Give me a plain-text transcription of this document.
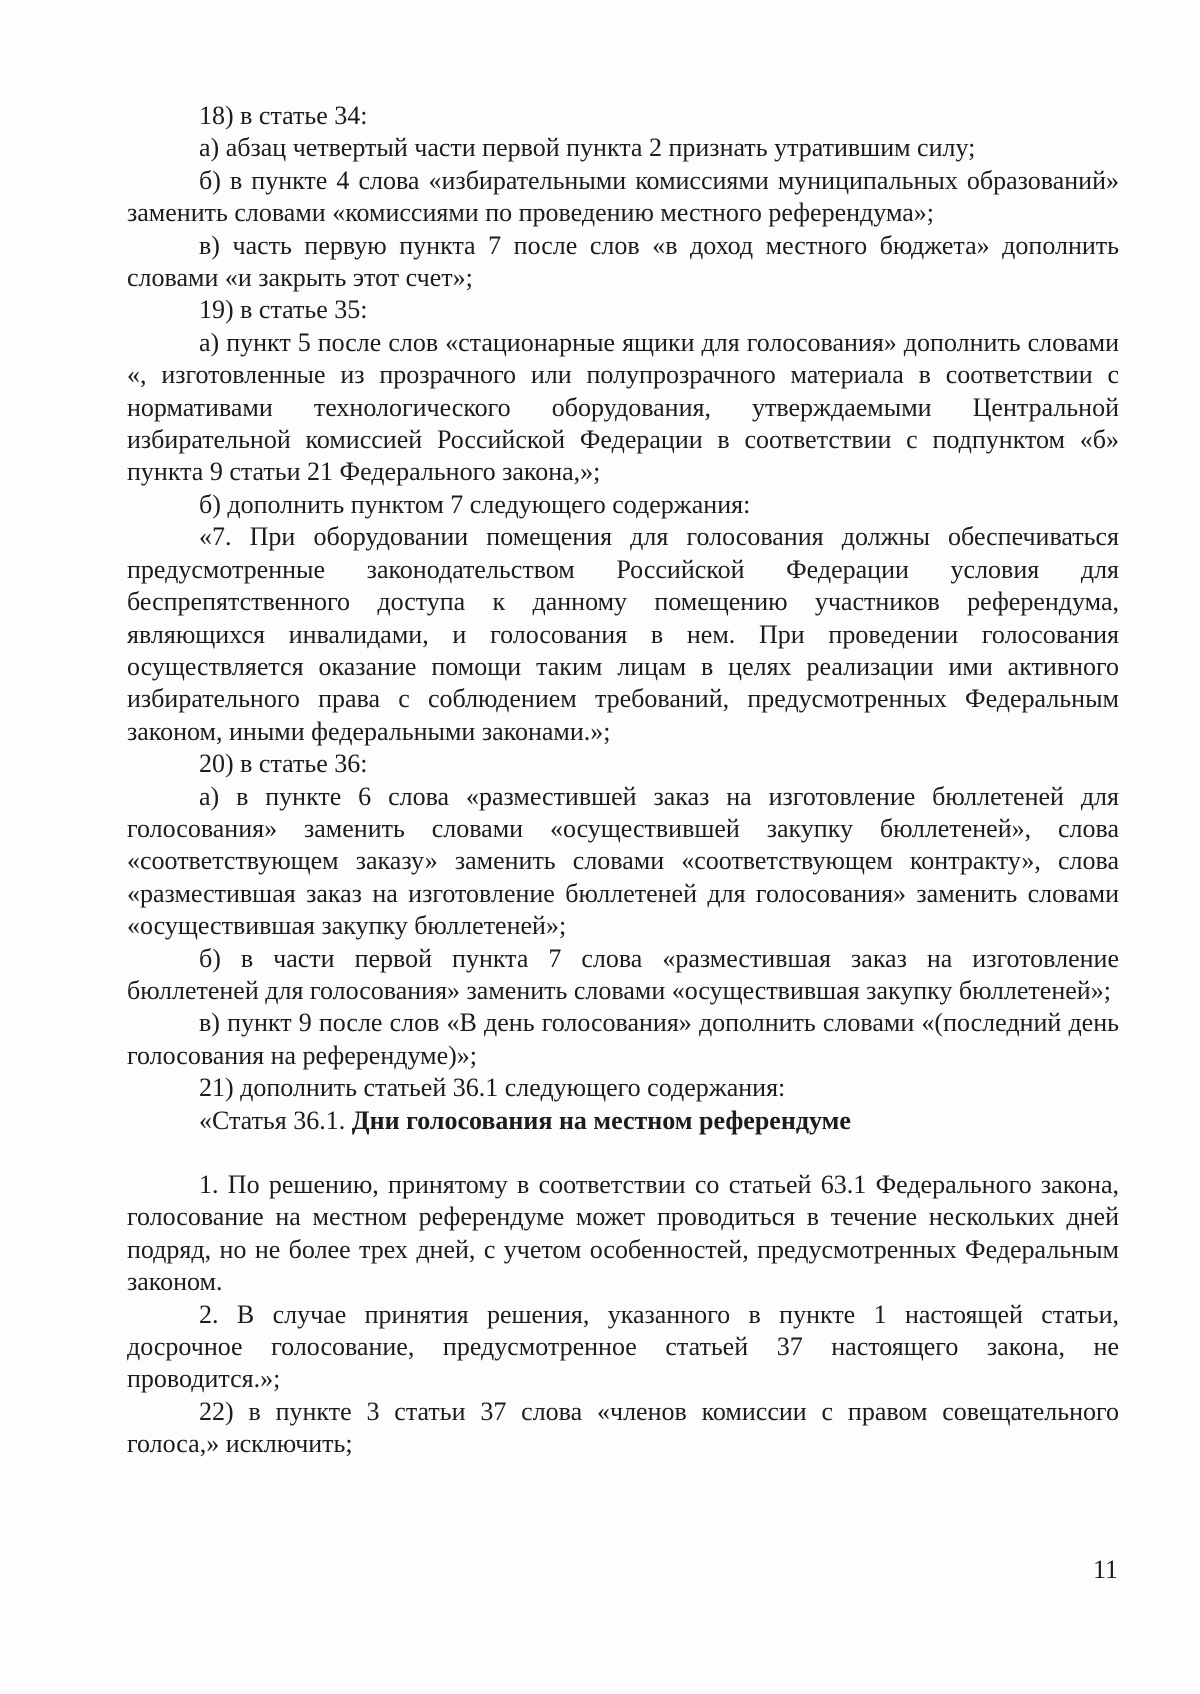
18) в статье 34:

а) абзац четвертый части первой пункта 2 признать утратившим силу;

б) в пункте 4 слова «избирательными комиссиями муниципальных образований» заменить словами «комиссиями по проведению местного референдума»;

в) часть первую пункта 7 после слов «в доход местного бюджета» дополнить словами «и закрыть этот счет»;

19) в статье 35:

а) пункт 5 после слов «стационарные ящики для голосования» дополнить словами «, изготовленные из прозрачного или полупрозрачного материала в соответствии с нормативами технологического оборудования, утверждаемыми Центральной избирательной комиссией Российской Федерации в соответствии с подпунктом «б» пункта 9 статьи 21 Федерального закона,»;

б) дополнить пунктом 7 следующего содержания:

«7. При оборудовании помещения для голосования должны обеспечиваться предусмотренные законодательством Российской Федерации условия для беспрепятственного доступа к данному помещению участников референдума, являющихся инвалидами, и голосования в нем. При проведении голосования осуществляется оказание помощи таким лицам в целях реализации ими активного избирательного права с соблюдением требований, предусмотренных Федеральным законом, иными федеральными законами.»;

20) в статье 36:

а) в пункте 6 слова «разместившей заказ на изготовление бюллетеней для голосования» заменить словами «осуществившей закупку бюллетеней», слова «соответствующем заказу» заменить словами «соответствующем контракту», слова «разместившая заказ на изготовление бюллетеней для голосования» заменить словами «осуществившая закупку бюллетеней»;

б) в части первой пункта 7 слова «разместившая заказ на изготовление бюллетеней для голосования» заменить словами «осуществившая закупку бюллетеней»;

в) пункт 9 после слов «В день голосования» дополнить словами «(последний день голосования на референдуме)»;

21) дополнить статьей 36.1 следующего содержания:

«Статья 36.1. Дни голосования на местном референдуме

1. По решению, принятому в соответствии со статьей 63.1 Федерального закона, голосование на местном референдуме может проводиться в течение нескольких дней подряд, но не более трех дней, с учетом особенностей, предусмотренных Федеральным законом.

2. В случае принятия решения, указанного в пункте 1 настоящей статьи, досрочное голосование, предусмотренное статьей 37 настоящего закона, не проводится.»;

22) в пункте 3 статьи 37 слова «членов комиссии с правом совещательного голоса,» исключить;

11
